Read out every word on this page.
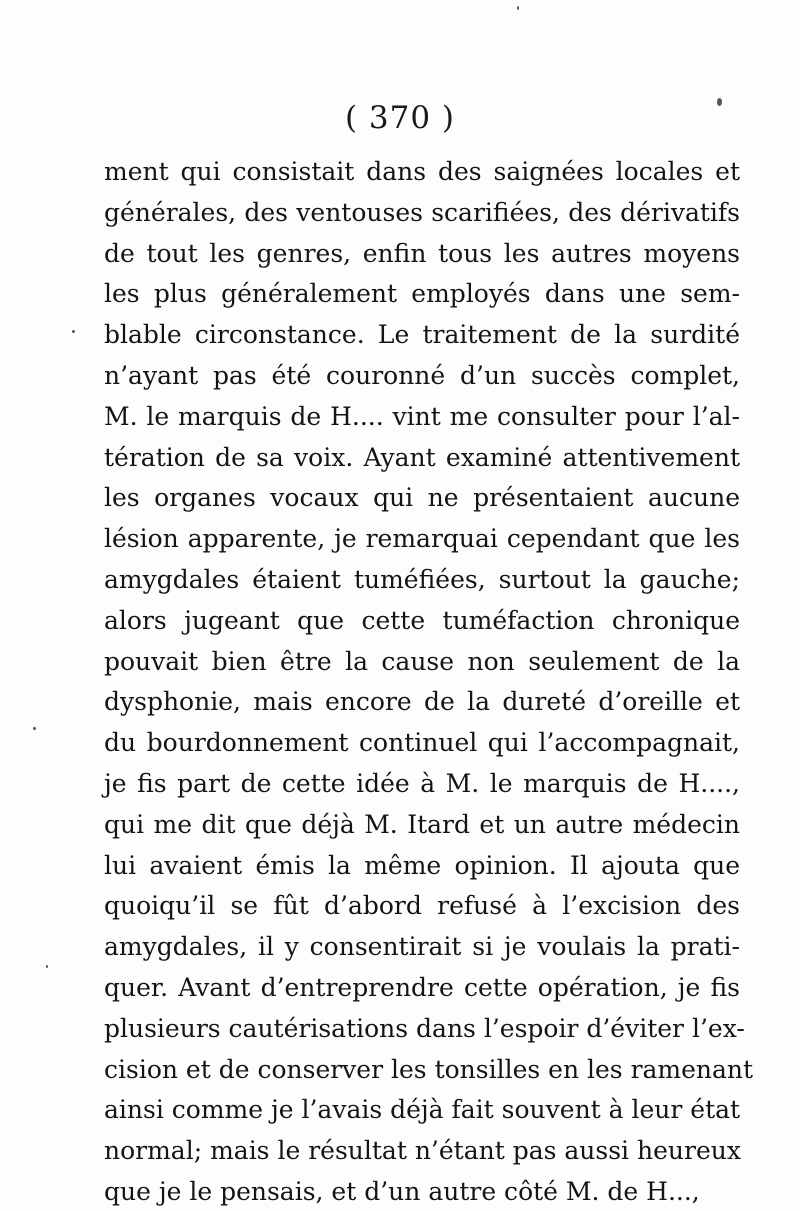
( 370 )
ment qui consistait dans des saignées locales et
générales, des ventouses scarifiées, des dérivatifs
de tout les genres, enfin tous les autres moyens
les plus généralement employés dans une sem-
blable circonstance. Le traitement de la surdité
n’ayant pas été couronné d’un succès complet,
M. le marquis de H.... vint me consulter pour l’al-
tération de sa voix. Ayant examiné attentivement
les organes vocaux qui ne présentaient aucune
lésion apparente, je remarquai cependant que les
amygdales étaient tuméfiées, surtout la gauche;
alors jugeant que cette tuméfaction chronique
pouvait bien être la cause non seulement de la
dysphonie, mais encore de la dureté d’oreille et
du bourdonnement continuel qui l’accompagnait,
je fis part de cette idée à M. le marquis de H....,
qui me dit que déjà M. Itard et un autre médecin
lui avaient émis la même opinion. Il ajouta que
quoiqu’il se fût d’abord refusé à l’excision des
amygdales, il y consentirait si je voulais la prati-
quer. Avant d’entreprendre cette opération, je fis
plusieurs cautérisations dans l’espoir d’éviter l’ex-
cision et de conserver les tonsilles en les ramenant
ainsi comme je l’avais déjà fait souvent à leur état
normal; mais le résultat n’étant pas aussi heureux
que je le pensais, et d’un autre côté M. de H...,
